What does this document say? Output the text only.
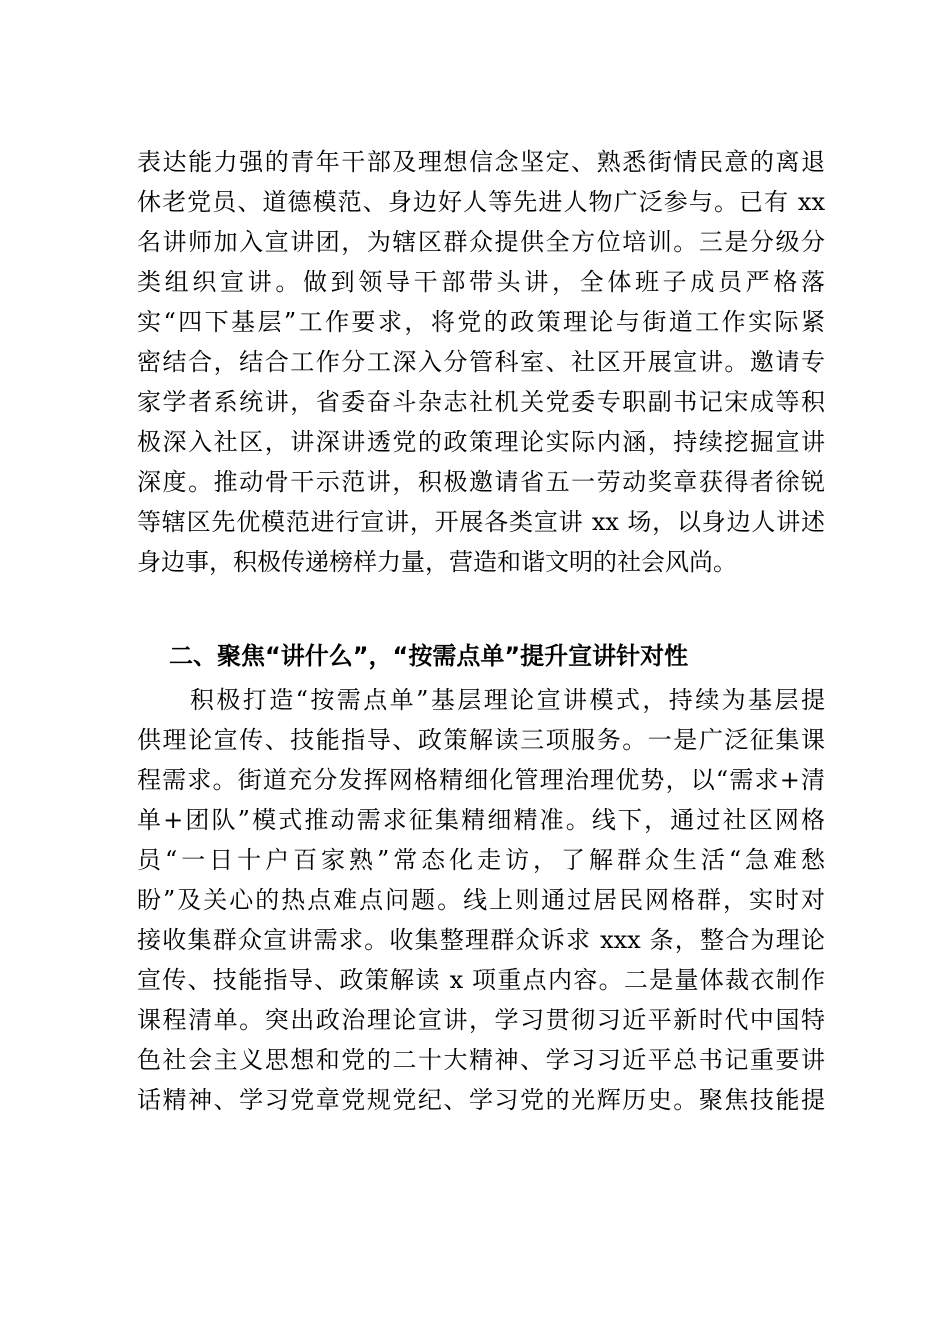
表达能力强的青年干部及理想信念坚定、熟悉街情民意的离退
休老党员、道德模范、身边好人等先进人物广泛参与。已有 xx
名讲师加入宣讲团，为辖区群众提供全方位培训。三是分级分
类组织宣讲。做到领导干部带头讲，全体班子成员严格落
实“四下基层”工作要求，将党的政策理论与街道工作实际紧
密结合，结合工作分工深入分管科室、社区开展宣讲。邀请专
家学者系统讲，省委奋斗杂志社机关党委专职副书记宋成等积
极深入社区，讲深讲透党的政策理论实际内涵，持续挖掘宣讲
深度。推动骨干示范讲，积极邀请省五一劳动奖章获得者徐锐
等辖区先优模范进行宣讲，开展各类宣讲 xx 场，以身边人讲述
身边事，积极传递榜样力量，营造和谐文明的社会风尚。
二、聚焦“讲什么”，“按需点单”提升宣讲针对性
　　积极打造“按需点单”基层理论宣讲模式，持续为基层提
供理论宣传、技能指导、政策解读三项服务。一是广泛征集课
程需求。街道充分发挥网格精细化管理治理优势，以“需求+清
单+团队”模式推动需求征集精细精准。线下，通过社区网格
员“一日十户百家熟”常态化走访，了解群众生活“急难愁
盼”及关心的热点难点问题。线上则通过居民网格群，实时对
接收集群众宣讲需求。收集整理群众诉求 xxx 条，整合为理论
宣传、技能指导、政策解读 x 项重点内容。二是量体裁衣制作
课程清单。突出政治理论宣讲，学习贯彻习近平新时代中国特
色社会主义思想和党的二十大精神、学习习近平总书记重要讲
话精神、学习党章党规党纪、学习党的光辉历史。聚焦技能提
